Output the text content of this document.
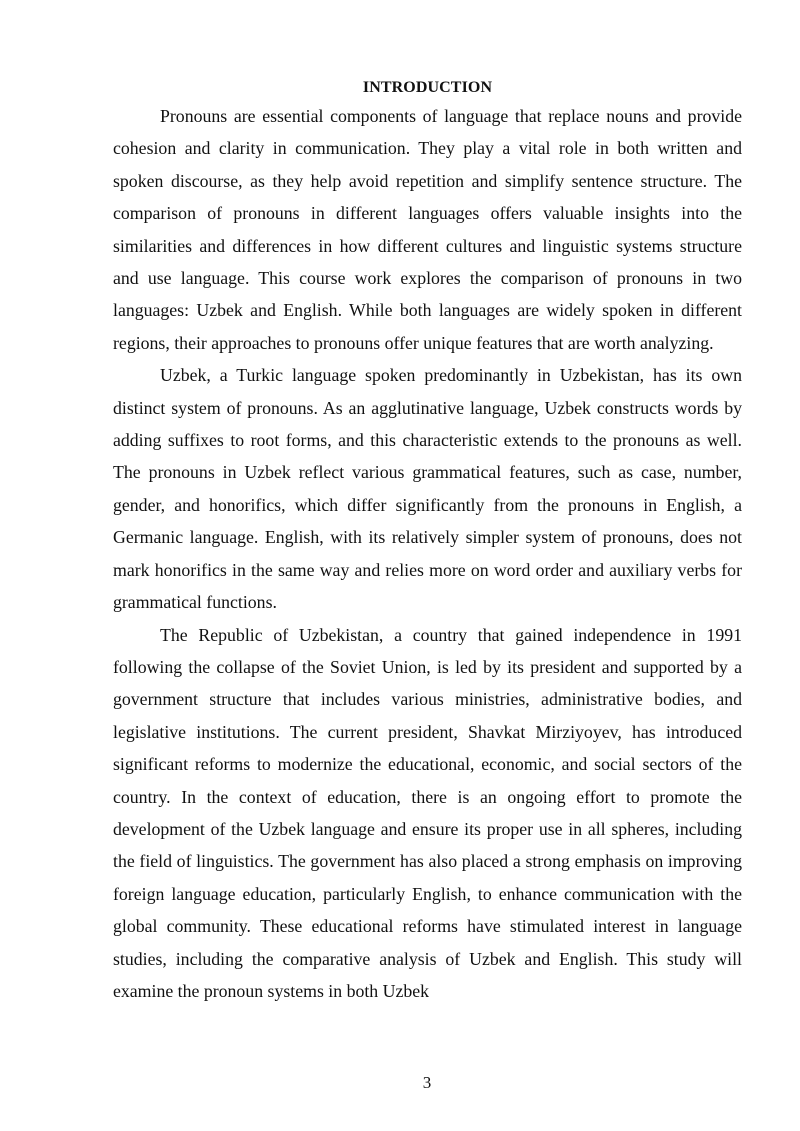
INTRODUCTION

Pronouns are essential components of language that replace nouns and provide cohesion and clarity in communication. They play a vital role in both written and spoken discourse, as they help avoid repetition and simplify sentence structure. The comparison of pronouns in different languages offers valuable insights into the similarities and differences in how different cultures and linguistic systems structure and use language. This course work explores the comparison of pronouns in two languages: Uzbek and English. While both languages are widely spoken in different regions, their approaches to pronouns offer unique features that are worth analyzing.

Uzbek, a Turkic language spoken predominantly in Uzbekistan, has its own distinct system of pronouns. As an agglutinative language, Uzbek constructs words by adding suffixes to root forms, and this characteristic extends to the pronouns as well. The pronouns in Uzbek reflect various grammatical features, such as case, number, gender, and honorifics, which differ significantly from the pronouns in English, a Germanic language. English, with its relatively simpler system of pronouns, does not mark honorifics in the same way and relies more on word order and auxiliary verbs for grammatical functions.

The Republic of Uzbekistan, a country that gained independence in 1991 following the collapse of the Soviet Union, is led by its president and supported by a government structure that includes various ministries, administrative bodies, and legislative institutions. The current president, Shavkat Mirziyoyev, has introduced significant reforms to modernize the educational, economic, and social sectors of the country. In the context of education, there is an ongoing effort to promote the development of the Uzbek language and ensure its proper use in all spheres, including the field of linguistics. The government has also placed a strong emphasis on improving foreign language education, particularly English, to enhance communication with the global community. These educational reforms have stimulated interest in language studies, including the comparative analysis of Uzbek and English. This study will examine the pronoun systems in both Uzbek

3
